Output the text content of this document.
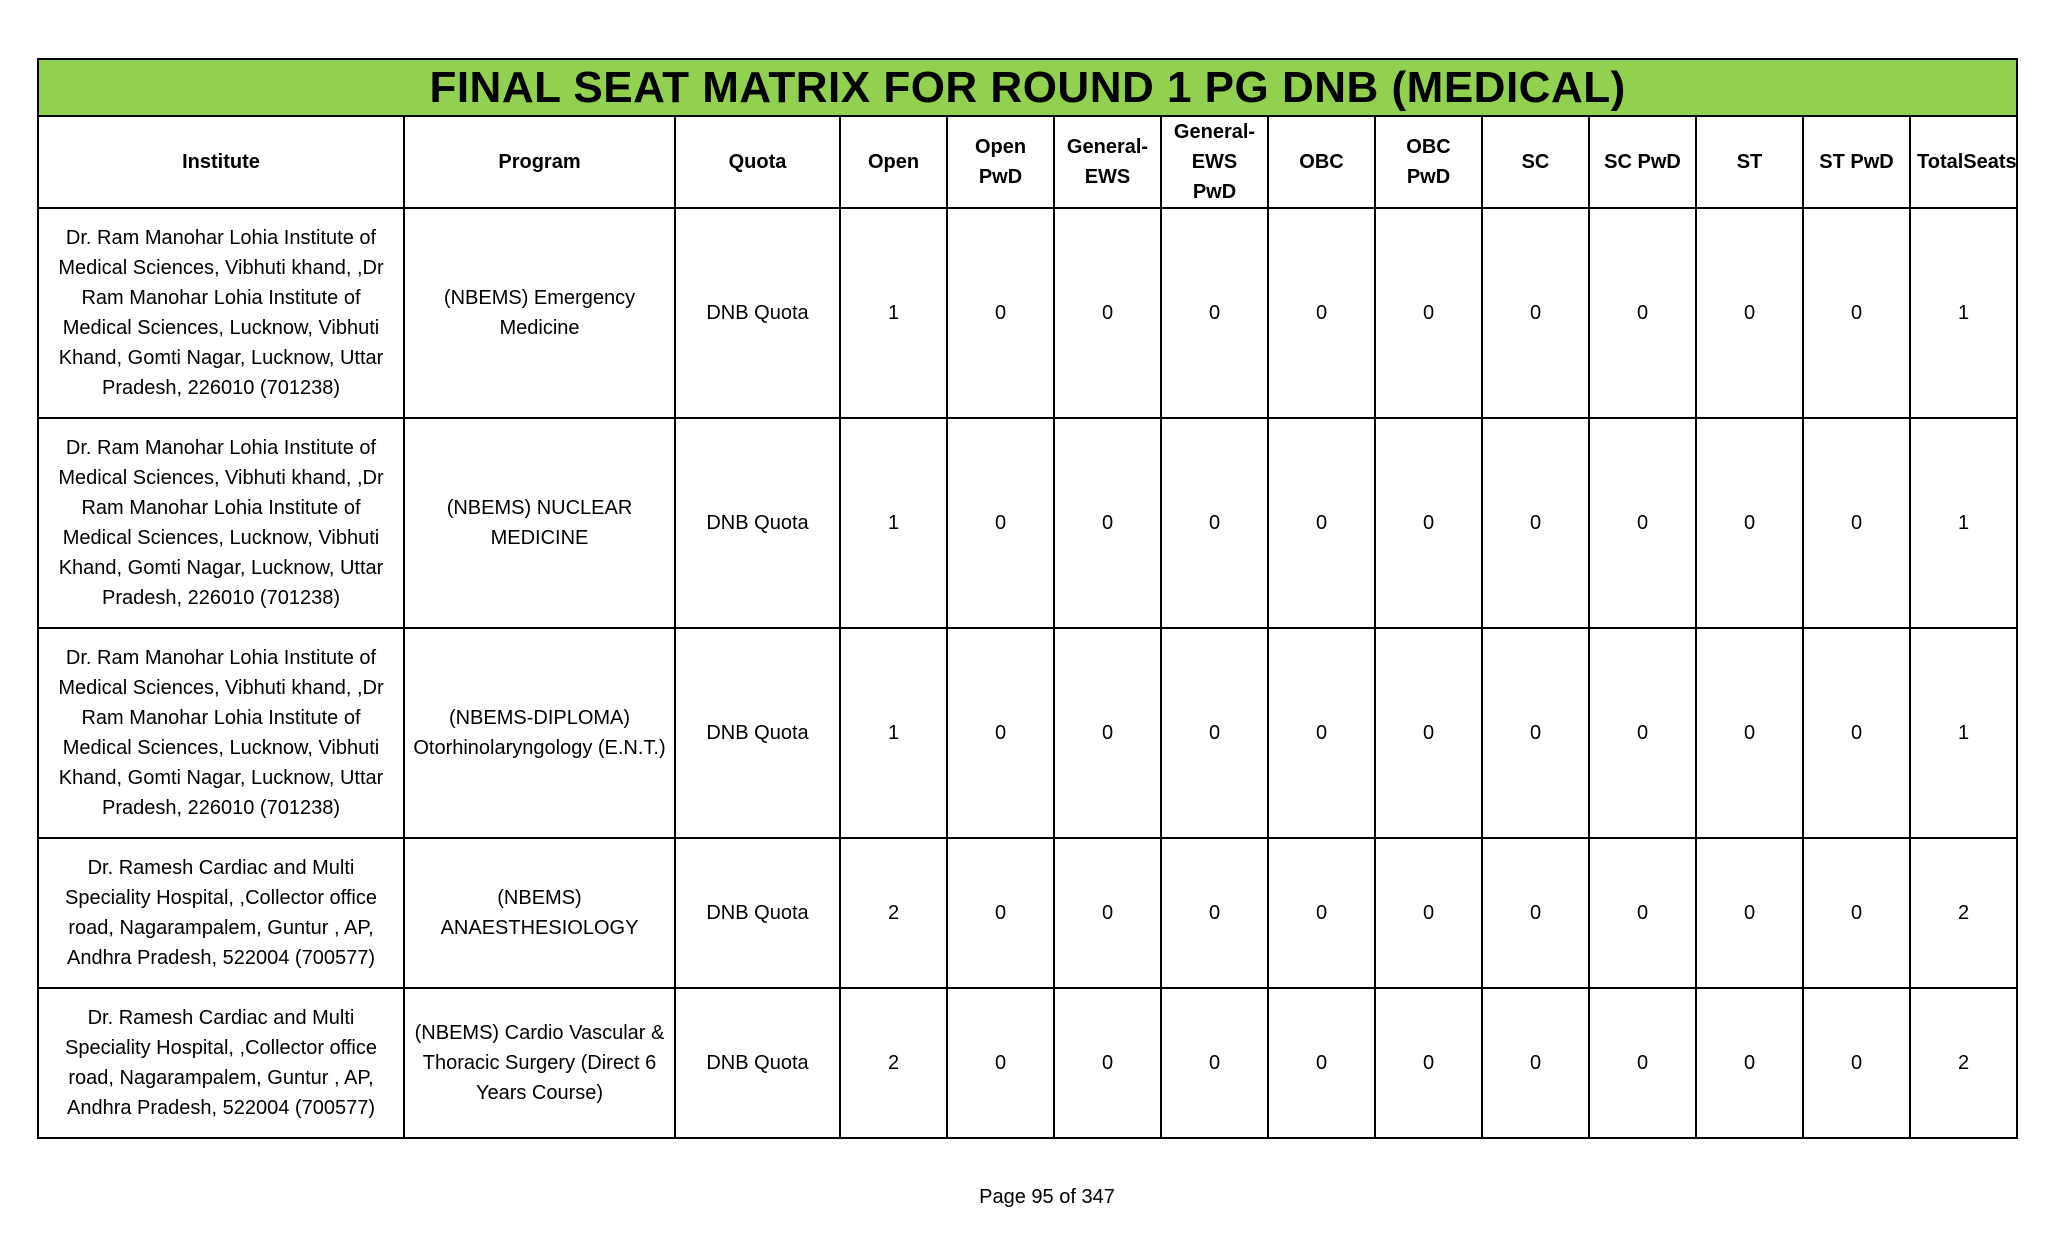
FINAL SEAT MATRIX FOR ROUND 1 PG DNB (MEDICAL)													
Institute	Program	Quota	Open	Open PwD	General-EWS	General-EWS PwD	OBC	OBC PwD	SC	SC PwD	ST	ST PwD	TotalSeats
Dr. Ram Manohar Lohia Institute of Medical Sciences, Vibhuti khand, ,Dr Ram Manohar Lohia Institute of Medical Sciences, Lucknow, Vibhuti Khand, Gomti Nagar, Lucknow, Uttar Pradesh, 226010 (701238)	(NBEMS) Emergency Medicine	DNB Quota	1	0	0	0	0	0	0	0	0	0	1
Dr. Ram Manohar Lohia Institute of Medical Sciences, Vibhuti khand, ,Dr Ram Manohar Lohia Institute of Medical Sciences, Lucknow, Vibhuti Khand, Gomti Nagar, Lucknow, Uttar Pradesh, 226010 (701238)	(NBEMS) NUCLEAR MEDICINE	DNB Quota	1	0	0	0	0	0	0	0	0	0	1
Dr. Ram Manohar Lohia Institute of Medical Sciences, Vibhuti khand, ,Dr Ram Manohar Lohia Institute of Medical Sciences, Lucknow, Vibhuti Khand, Gomti Nagar, Lucknow, Uttar Pradesh, 226010 (701238)	(NBEMS-DIPLOMA) Otorhinolaryngology (E.N.T.)	DNB Quota	1	0	0	0	0	0	0	0	0	0	1
Dr. Ramesh Cardiac and Multi Speciality Hospital, ,Collector office road, Nagarampalem, Guntur , AP, Andhra Pradesh, 522004 (700577)	(NBEMS) ANAESTHESIOLOGY	DNB Quota	2	0	0	0	0	0	0	0	0	0	2
Dr. Ramesh Cardiac and Multi Speciality Hospital, ,Collector office road, Nagarampalem, Guntur , AP, Andhra Pradesh, 522004 (700577)	(NBEMS) Cardio Vascular & Thoracic Surgery (Direct 6 Years Course)	DNB Quota	2	0	0	0	0	0	0	0	0	0	2
Page 95 of 347
